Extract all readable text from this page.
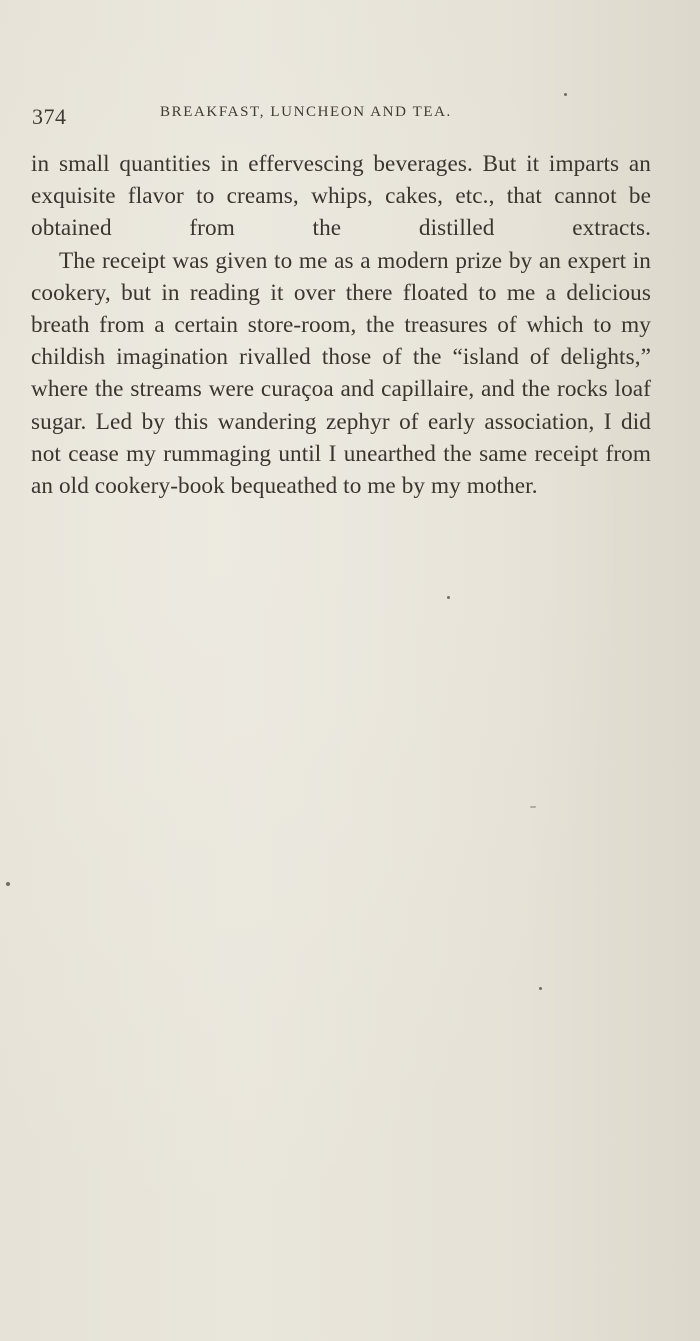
374	BREAKFAST, LUNCHEON AND TEA.

in small quantities in effervescing beverages. But it imparts an exquisite flavor to creams, whips, cakes, etc., that cannot be obtained from the distilled extracts.

The receipt was given to me as a modern prize by an expert in cookery, but in reading it over there floated to me a delicious breath from a certain store-room, the treasures of which to my childish imagination rivalled those of the “island of delights,” where the streams were curaçoa and capillaire, and the rocks loaf sugar. Led by this wandering zephyr of early association, I did not cease my rummaging until I unearthed the same receipt from an old cookery-book bequeathed to me by my mother.
